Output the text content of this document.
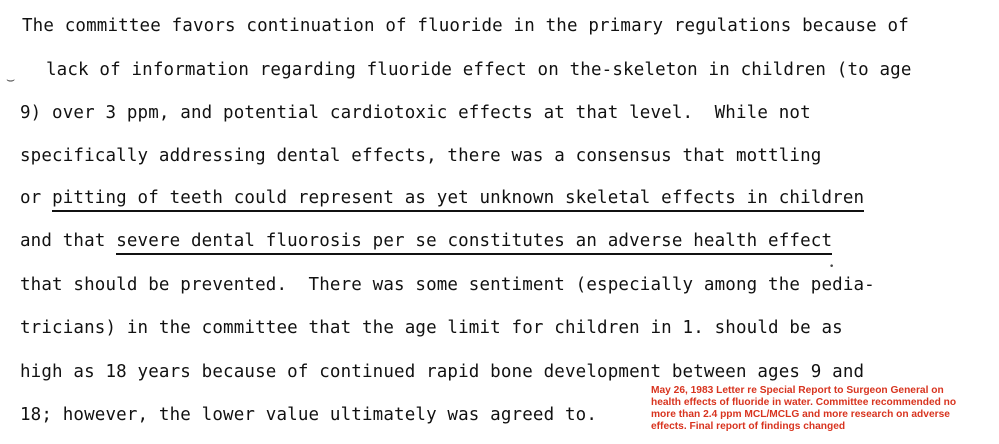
The committee favors continuation of fluoride in the primary regulations because of
lack of information regarding fluoride effect on the-skeleton in children (to age
9) over 3 ppm, and potential cardiotoxic effects at that level.  While not
specifically addressing dental effects, there was a consensus that mottling
or pitting of teeth could represent as yet unknown skeletal effects in children
and that severe dental fluorosis per se constitutes an adverse health effect
that should be prevented.  There was some sentiment (especially among the pedia-
tricians) in the committee that the age limit for children in 1. should be as
high as 18 years because of continued rapid bone development between ages 9 and
18; however, the lower value ultimately was agreed to.
⌣
•
May 26, 1983 Letter re Special Report to Surgeon General on
health effects of fluoride in water. Committee recommended no
more than 2.4 ppm MCL/MCLG and more research on adverse
effects. Final report of findings changed
